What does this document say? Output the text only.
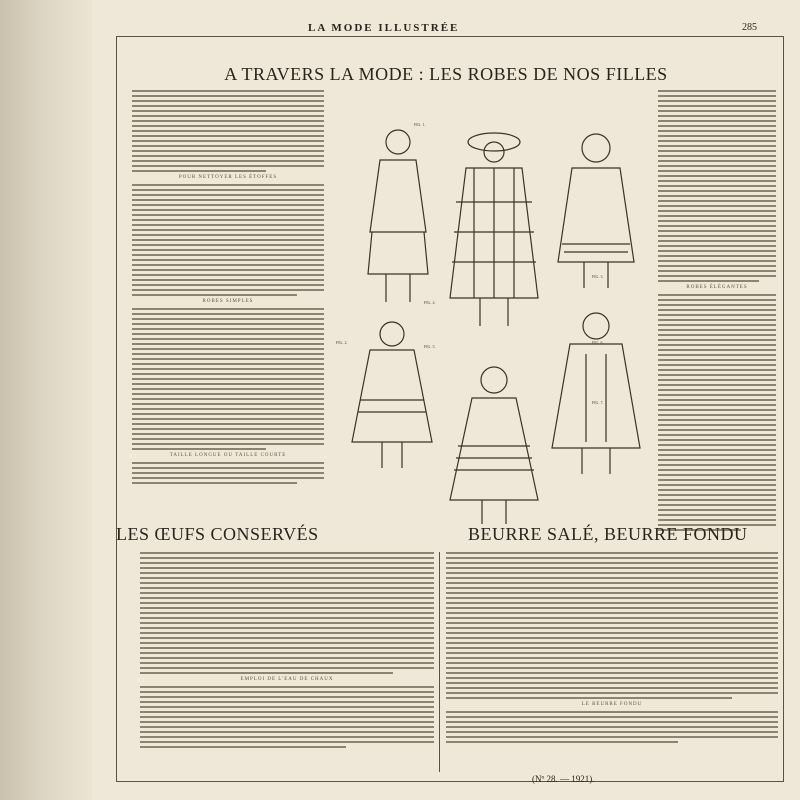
LA MODE ILLUSTRÉE	285
A TRAVERS LA MODE : LES ROBES DE NOS FILLES
POUR NETTOYER LES ÉTOFFES
ROBES SIMPLES
TAILLE LONGUE OU TAILLE COURTE
ROBES ÉLÉGANTES
FIG. 1.
FIG. 2.
FIG. 3.
FIG. 4.
FIG. 5.
FIG. 6.
FIG. 7.
LES ŒUFS CONSERVÉS	BEURRE SALÉ, BEURRE FONDU
EMPLOI DE L'EAU DE CHAUX
LE BEURRE FONDU
(Nº 28. — 1921).
